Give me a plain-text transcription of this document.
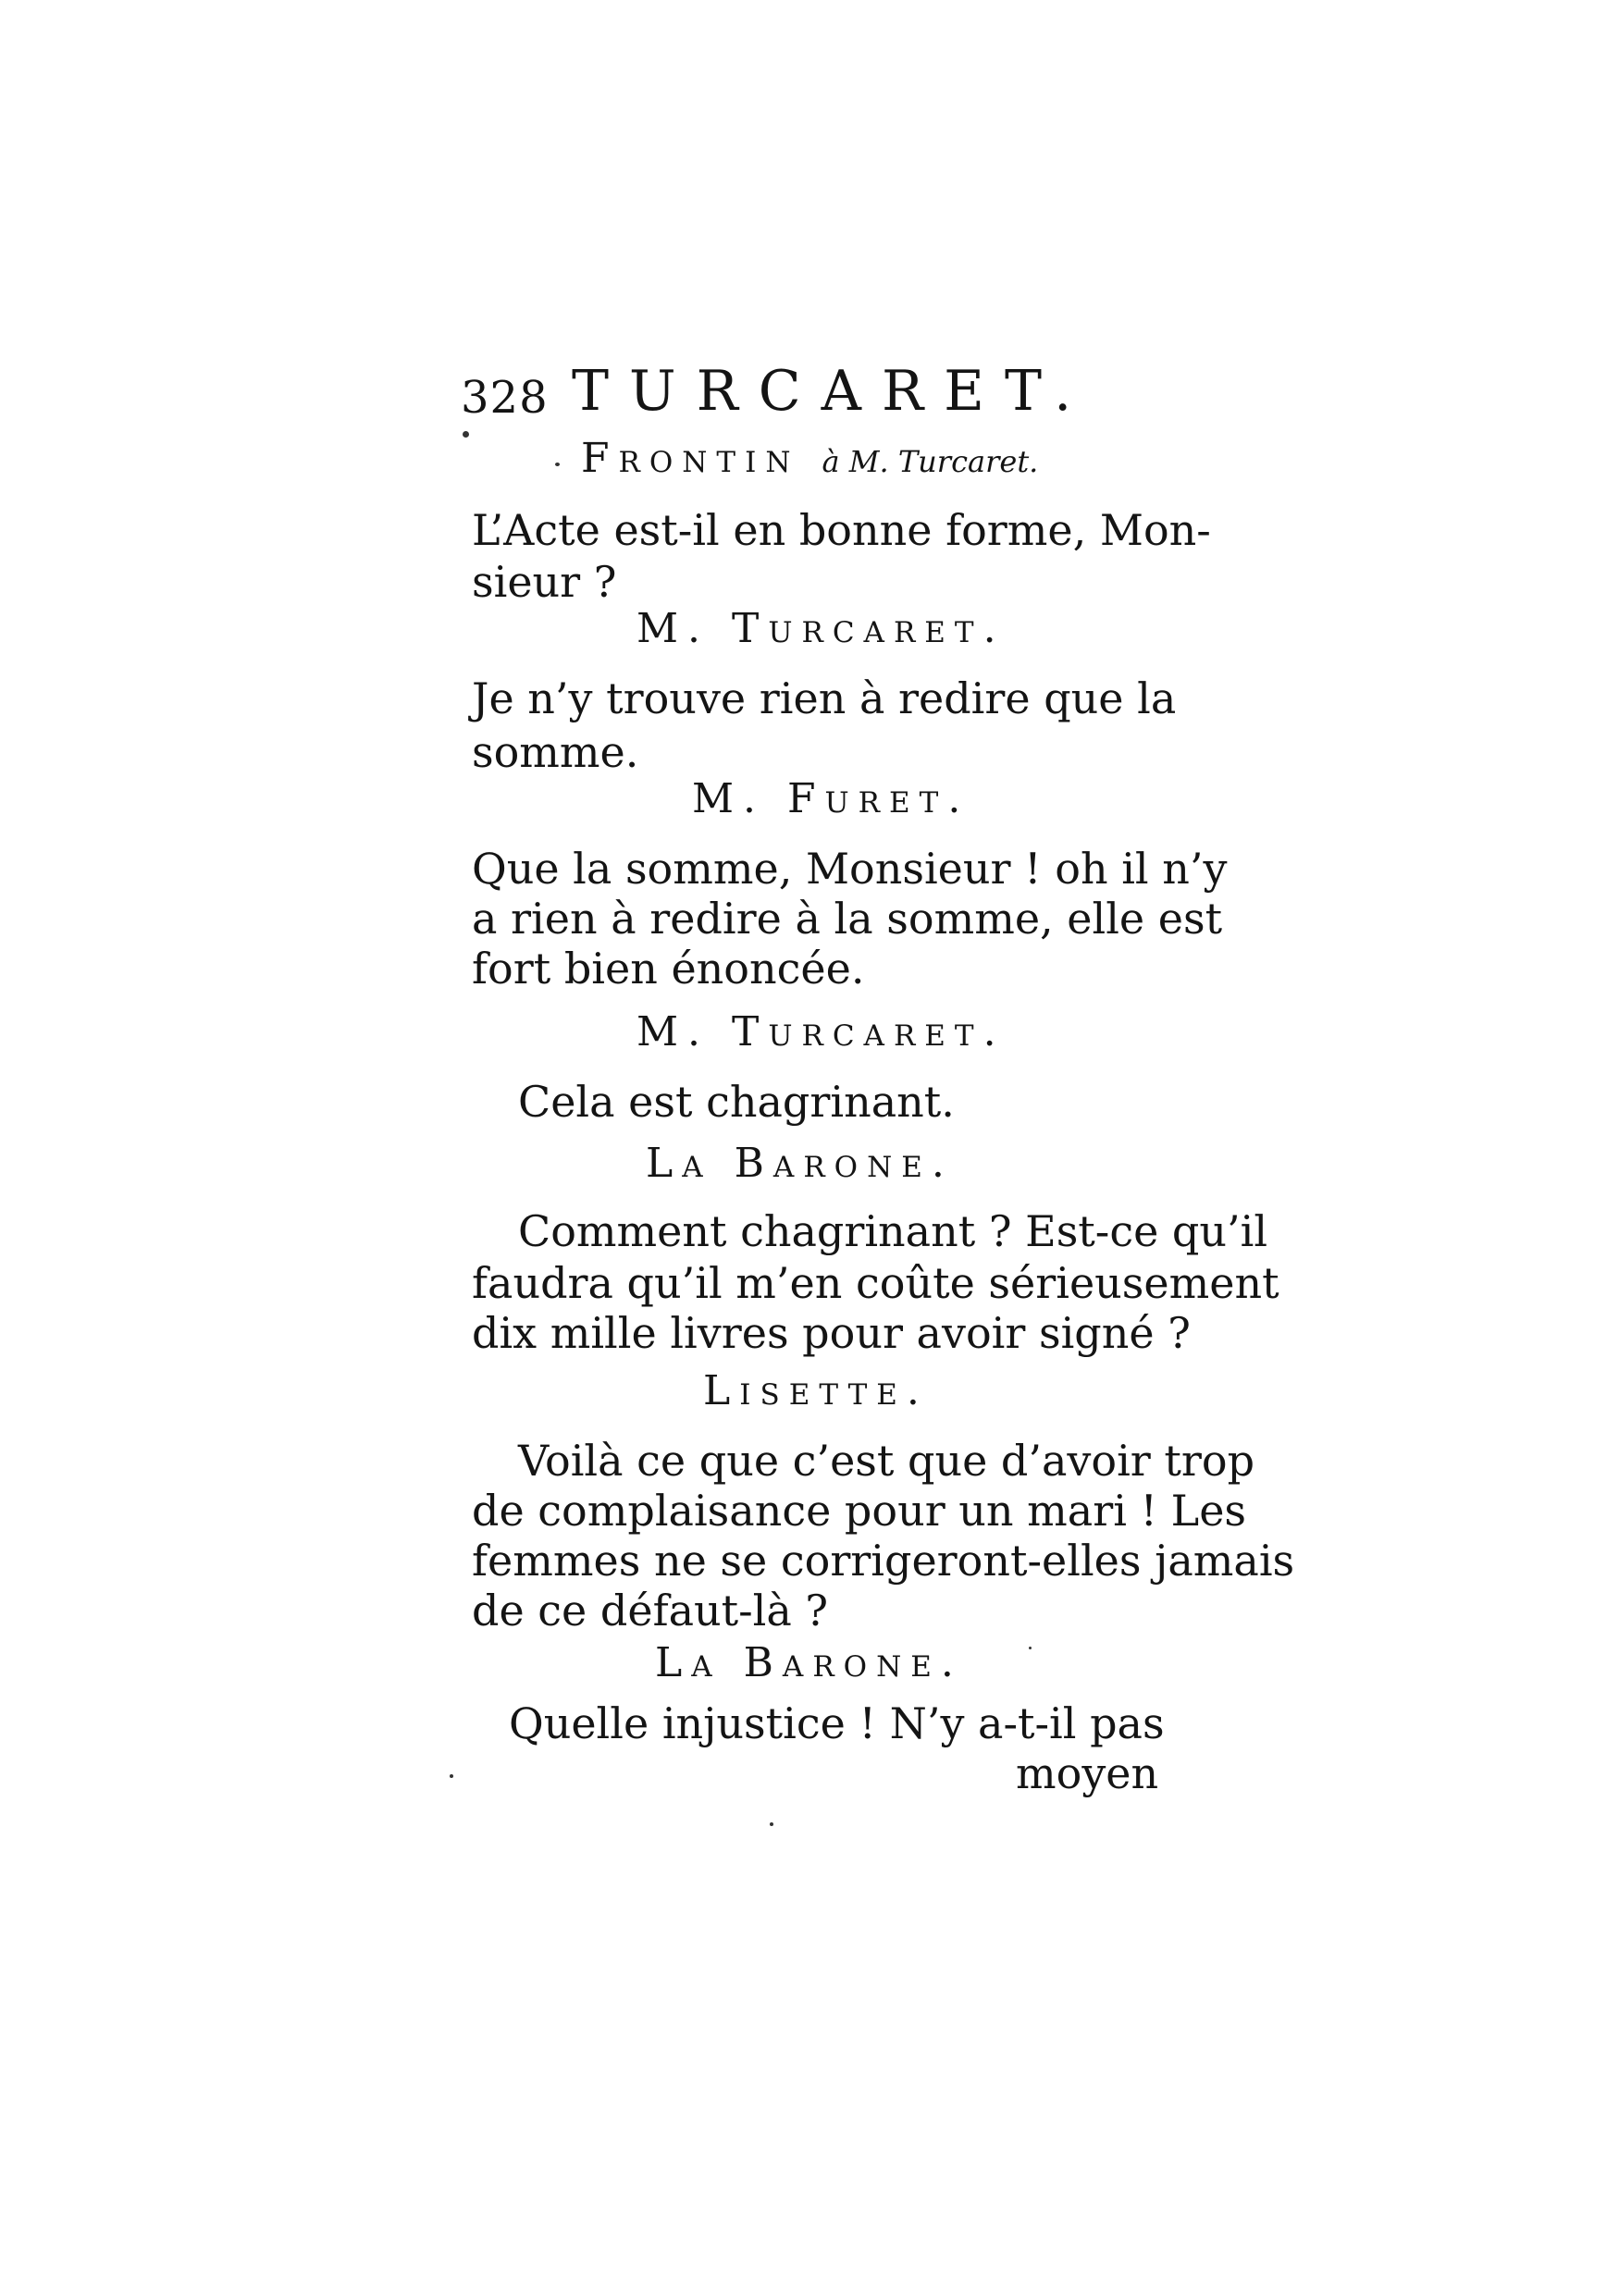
328 TURCARET.
Frontin à M. Turcaret.
L’Acte est-il en bonne forme, Mon-
sieur ?
M. Turcaret.
Je n’y trouve rien à redire que la
somme.
M. Furet.
Que la somme, Monsieur ! oh il n’y
a rien à redire à la somme, elle est
fort bien énoncée.
M. Turcaret.
Cela est chagrinant.
La Barone.
Comment chagrinant ? Est-ce qu’il
faudra qu’il m’en coûte sérieusement
dix mille livres pour avoir signé ?
Lisette.
Voilà ce que c’est que d’avoir trop
de complaisance pour un mari ! Les
femmes ne se corrigeront-elles jamais
de ce défaut-là ?
La Barone.
Quelle injustice ! N’y a-t-il pas
moyen
